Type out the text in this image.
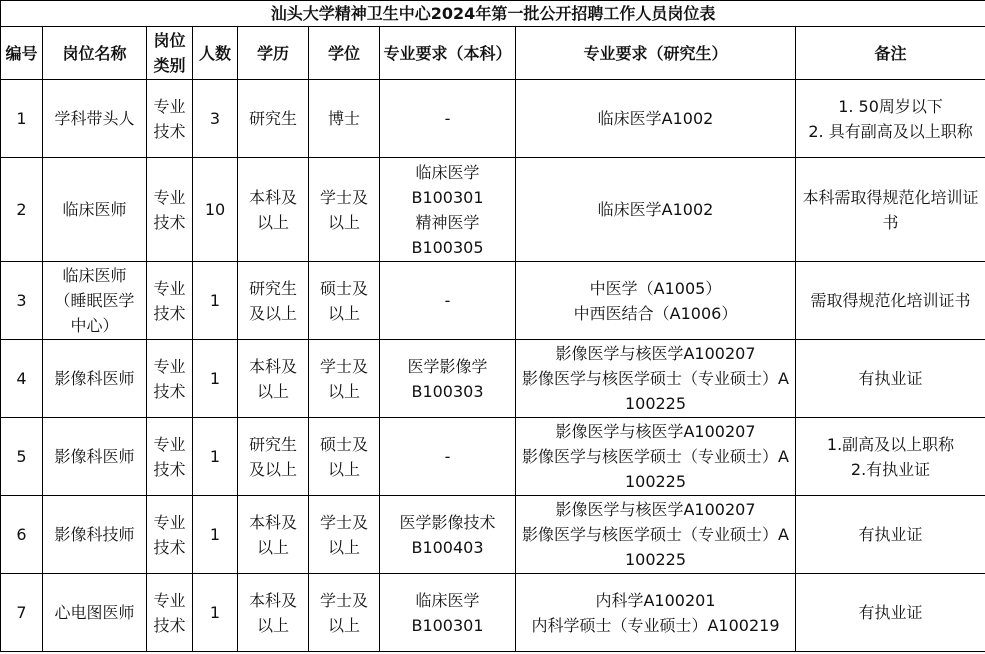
汕头大学精神卫生中心2024年第一批公开招聘工作人员岗位表								
编号	岗位名称	岗位类别	人数	学历	学位	专业要求（本科）	专业要求（研究生）	备注
1	学科带头人	专业
技术	3	研究生	博士	-	临床医学A1002	1. 50周岁以下
2. 具有副高及以上职称

2	临床医师	专业
技术	10	本科及
以上	学士及
以上	临床医学
B100301
精神医学
B100305	临床医学A1002	本科需取得规范化培训证书

3	临床医师
（睡眠医学
中心）	专业
技术	1	研究生
及以上	硕士及
以上	-	中医学（A1005）
中西医结合（A1006）	需取得规范化培训证书

4	影像科医师	专业
技术	1	本科及
以上	学士及
以上	医学影像学
B100303	影像医学与核医学A100207
影像医学与核医学硕士（专业硕士）A100225	有执业证

5	影像科医师	专业
技术	1	研究生
及以上	硕士及
以上	-	影像医学与核医学A100207
影像医学与核医学硕士（专业硕士）A100225	1.副高及以上职称
2.有执业证

6	影像科技师	专业
技术	1	本科及
以上	学士及
以上	医学影像技术
B100403	影像医学与核医学A100207
影像医学与核医学硕士（专业硕士）A100225	有执业证

7	心电图医师	专业
技术	1	本科及
以上	学士及
以上	临床医学
B100301	内科学A100201
内科学硕士（专业硕士）A100219	有执业证
